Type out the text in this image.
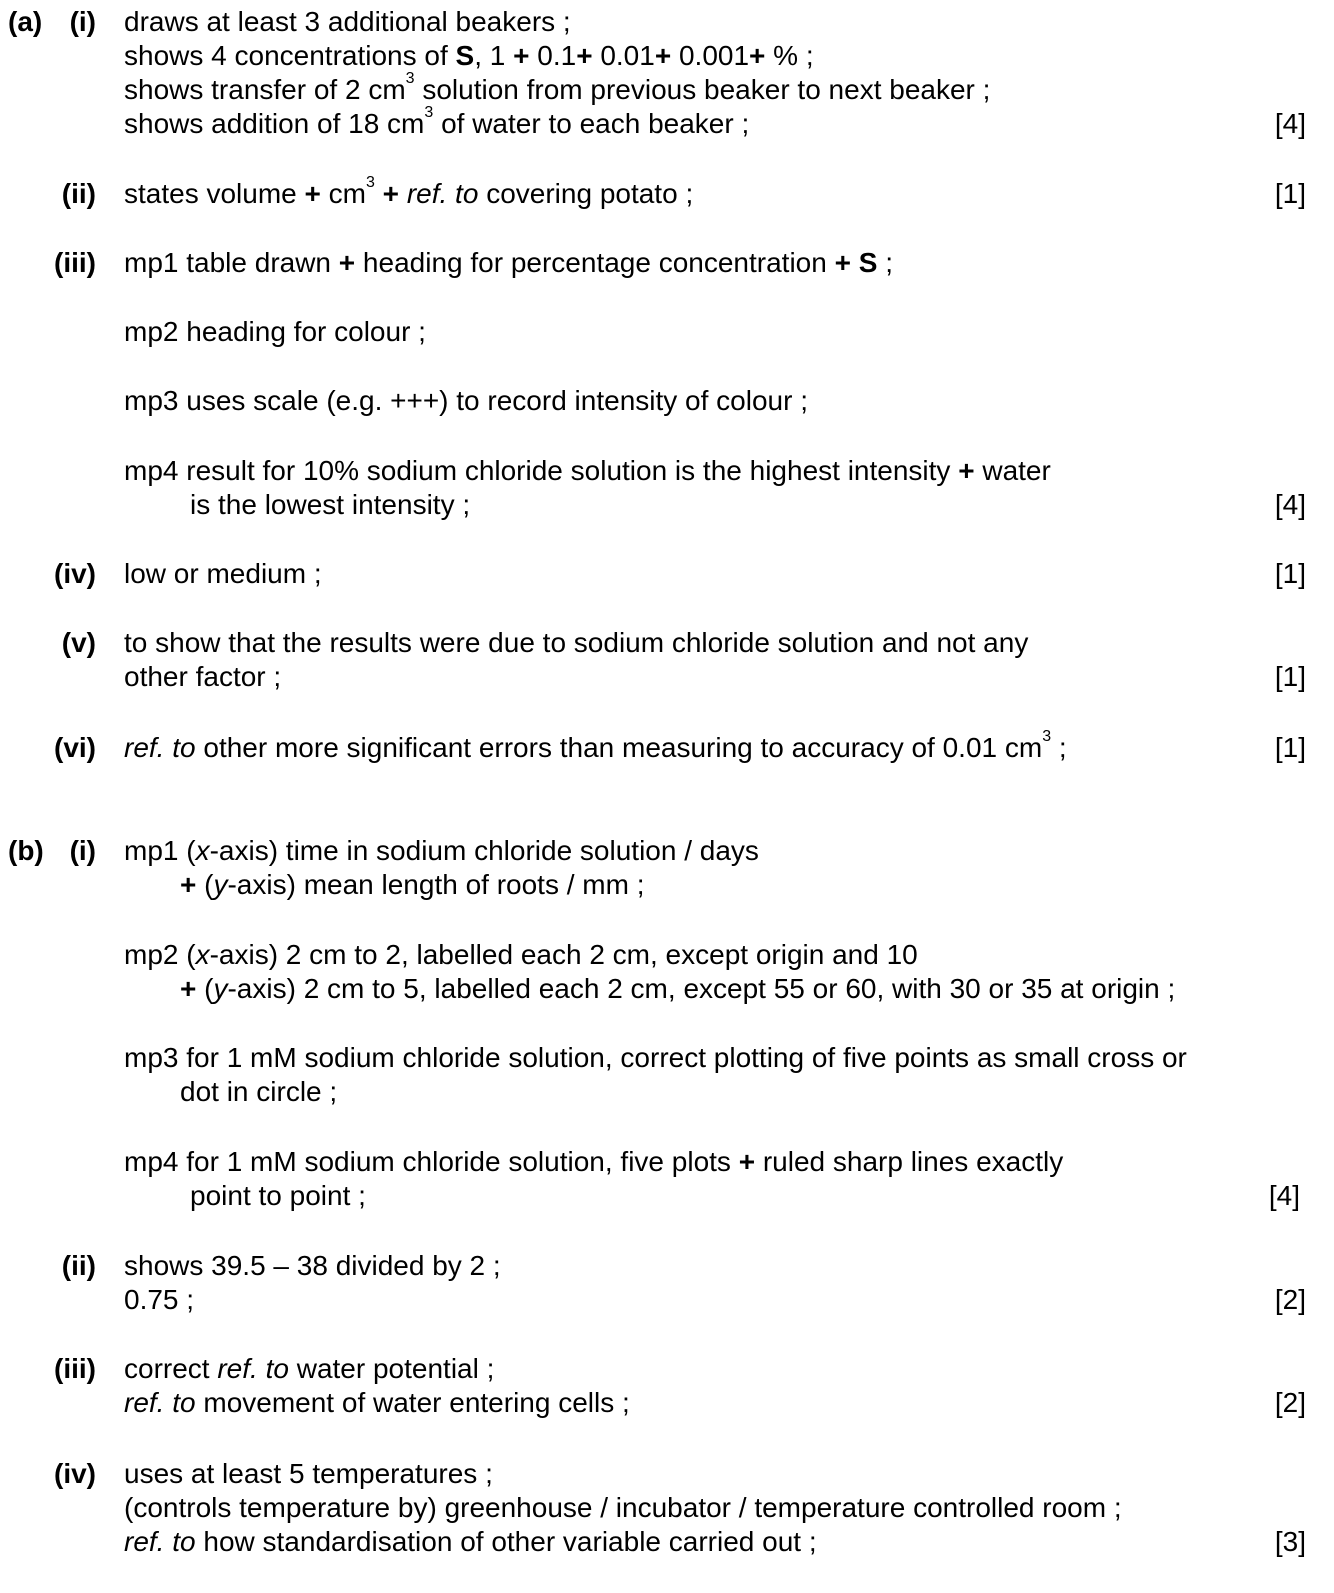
(a) (i) draws at least 3 additional beakers ;
shows 4 concentrations of S, 1 + 0.1+ 0.01+ 0.001+ % ;
shows transfer of 2 $cm^3$ solution from previous beaker to next beaker ;
shows addition of 18 $cm^3$ of water to each beaker ;	[4]
(ii) states volume + $cm^3$ + ref. to covering potato ;	[1]
(iii) mp1 table drawn + heading for percentage concentration + S ;
mp2 heading for colour ;
mp3 uses scale (e.g. +++) to record intensity of colour ;
mp4 result for 10% sodium chloride solution is the highest intensity + water
is the lowest intensity ;	[4]
(iv) low or medium ;	[1]
(v) to show that the results were due to sodium chloride solution and not any
other factor ;	[1]
(vi) ref. to other more significant errors than measuring to accuracy of 0.01 $cm^3$ ;	[1]
(b) (i) mp1 (x-axis) time in sodium chloride solution / days
+ (y-axis) mean length of roots / mm ;
mp2 (x-axis) 2 cm to 2, labelled each 2 cm, except origin and 10
+ (y-axis) 2 cm to 5, labelled each 2 cm, except 55 or 60, with 30 or 35 at origin ;
mp3 for 1 mM sodium chloride solution, correct plotting of five points as small cross or
dot in circle ;
mp4 for 1 mM sodium chloride solution, five plots + ruled sharp lines exactly
point to point ;	[4]
(ii) shows 39.5 – 38 divided by 2 ;
0.75 ;	[2]
(iii) correct ref. to water potential ;
ref. to movement of water entering cells ;	[2]
(iv) uses at least 5 temperatures ;
(controls temperature by) greenhouse / incubator / temperature controlled room ;
ref. to how standardisation of other variable carried out ;	[3]
